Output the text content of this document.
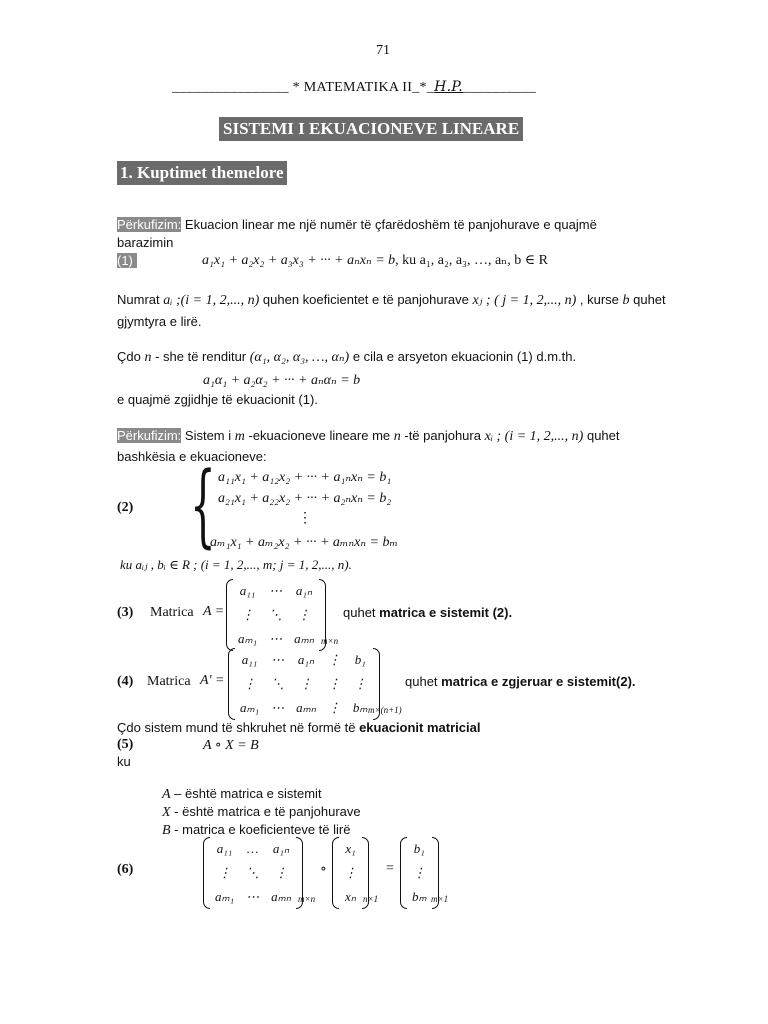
71
________________ * MATEMATIKA II_*_H.P.__________
SISTEMI I EKUACIONEVE LINEARE
1. Kuptimet themelore
Përkufizim: Ekuacion linear me një numër të çfarëdoshëm të panjohurave e quajmë
barazimin
(1)	a₁x₁ + a₂x₂ + a₃x₃ + ··· + aₙxₙ = b, ku a₁, a₂, a₃, …, aₙ, b ∈ R
Numrat aᵢ ;(i = 1, 2,..., n) quhen koeficientet e të panjohurave xⱼ ; ( j = 1, 2,..., n) , kurse b quhet
gjymtyra e lirë.
Çdo n - she të renditur (α₁, α₂, α₃, …, αₙ) e cila e arsyeton ekuacionin (1) d.m.th.
a₁α₁ + a₂α₂ + ··· + aₙαₙ = b
e quajmë zgjidhje të ekuacionit (1).
Përkufizim: Sistem i m -ekuacioneve lineare me n -të panjohura xᵢ ; (i = 1, 2,..., n) quhet
bashkësia e ekuacioneve:
{ a₁₁x₁ + a₁₂x₂ + ··· + a₁ₙxₙ = b₁
a₂₁x₁ + a₂₂x₂ + ··· + a₂ₙxₙ = b₂
⋮
aₘ₁x₁ + aₘ₂x₂ + ··· + aₘₙxₙ = bₘ
(2)
ku aᵢⱼ , bᵢ ∈ R ; (i = 1, 2,..., m; j = 1, 2,..., n).
(3) Matrica A =
a₁₁	⋯	a₁ₙ
⋮	⋱	⋮
aₘ₁	⋯	aₘₙ m×n
quhet matrica e sistemit (2).
(4) Matrica A' =
a₁₁	⋯	a₁ₙ	⋮	b₁
⋮	⋱	⋮	⋮	⋮
aₘ₁	⋯	aₘₙ	⋮	bₘ m×(n+1)
quhet matrica e zgjeruar e sistemit(2).
Çdo sistem mund të shkruhet në formë të ekuacionit matricial
(5)	A ∘ X = B
ku
A – është matrica e sistemit
X - është matrica e të panjohurave
B - matrica e koeficienteve të lirë
(6)
a₁₁	…	a₁ₙ
⋮	⋱	⋮
aₘ₁	⋯	aₘₙ m×n
∘
x₁
⋮
xₙ n×1
=
b₁
⋮
bₘ m×1
